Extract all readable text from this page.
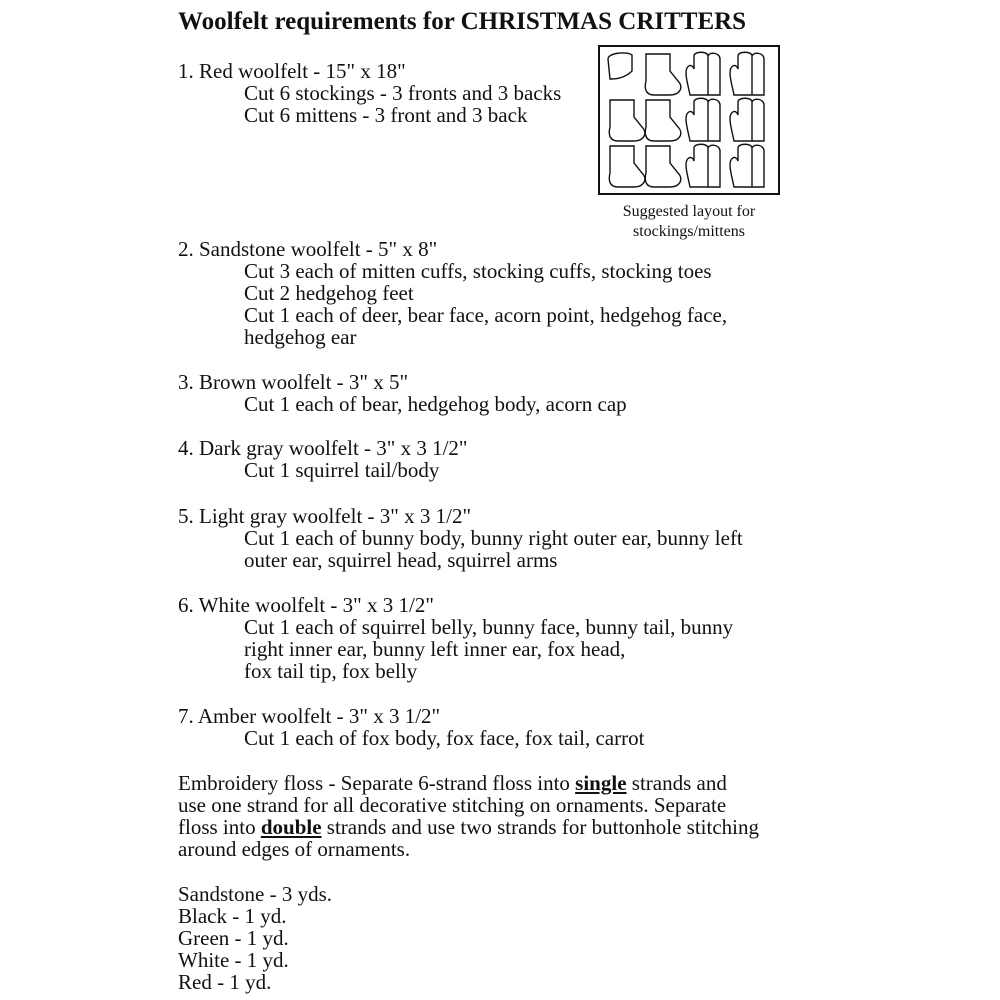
Woolfelt requirements for CHRISTMAS CRITTERS
1. Red woolfelt - 15" x 18"
Cut 6 stockings - 3 fronts and 3 backs
Cut 6 mittens - 3 front and 3 back
Suggested layout for
stockings/mittens
2. Sandstone woolfelt - 5" x 8"
Cut 3 each of mitten cuffs, stocking cuffs, stocking toes
Cut 2 hedgehog feet
Cut 1 each of deer, bear face, acorn point, hedgehog face,
hedgehog ear
3. Brown woolfelt - 3" x 5"
Cut 1 each of bear, hedgehog body, acorn cap
4. Dark gray woolfelt - 3" x 3 1/2"
Cut 1 squirrel tail/body
5. Light gray woolfelt - 3" x 3 1/2"
Cut 1 each of bunny body, bunny right outer ear, bunny left
outer ear, squirrel head, squirrel arms
6. White woolfelt - 3" x 3 1/2"
Cut 1 each of squirrel belly, bunny face, bunny tail, bunny
right inner ear, bunny left inner ear, fox head,
fox tail tip, fox belly
7. Amber woolfelt - 3" x 3 1/2"
Cut 1 each of fox body, fox face, fox tail, carrot
Embroidery floss - Separate 6-strand floss into single strands and
use one strand for all decorative stitching on ornaments. Separate
floss into double strands and use two strands for buttonhole stitching
around edges of ornaments.
Sandstone - 3 yds.
Black - 1 yd.
Green - 1 yd.
White - 1 yd.
Red - 1 yd.
